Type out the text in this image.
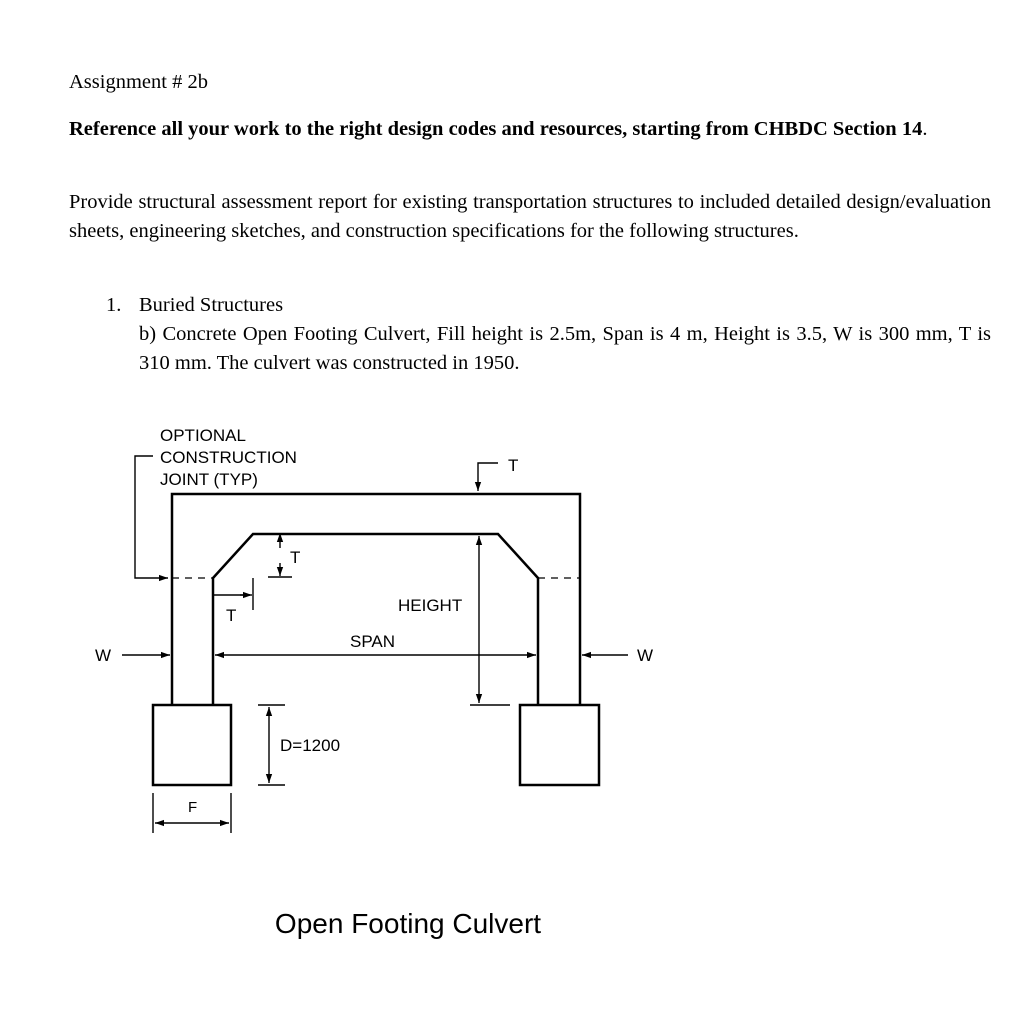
Assignment # 2b
Reference all your work to the right design codes and resources, starting from CHBDC Section 14.
Provide structural assessment report for existing transportation structures to included detailed design/evaluation sheets, engineering sketches, and construction specifications for the following structures.
1. Buried Structures
b) Concrete Open Footing Culvert, Fill height is 2.5m, Span is 4 m, Height is 3.5, W is 300 mm, T is 310 mm. The culvert was constructed in 1950.
OPTIONAL
CONSTRUCTION
JOINT (TYP)
T
T
T
HEIGHT
SPAN
W	W
D=1200
F
Open Footing Culvert
